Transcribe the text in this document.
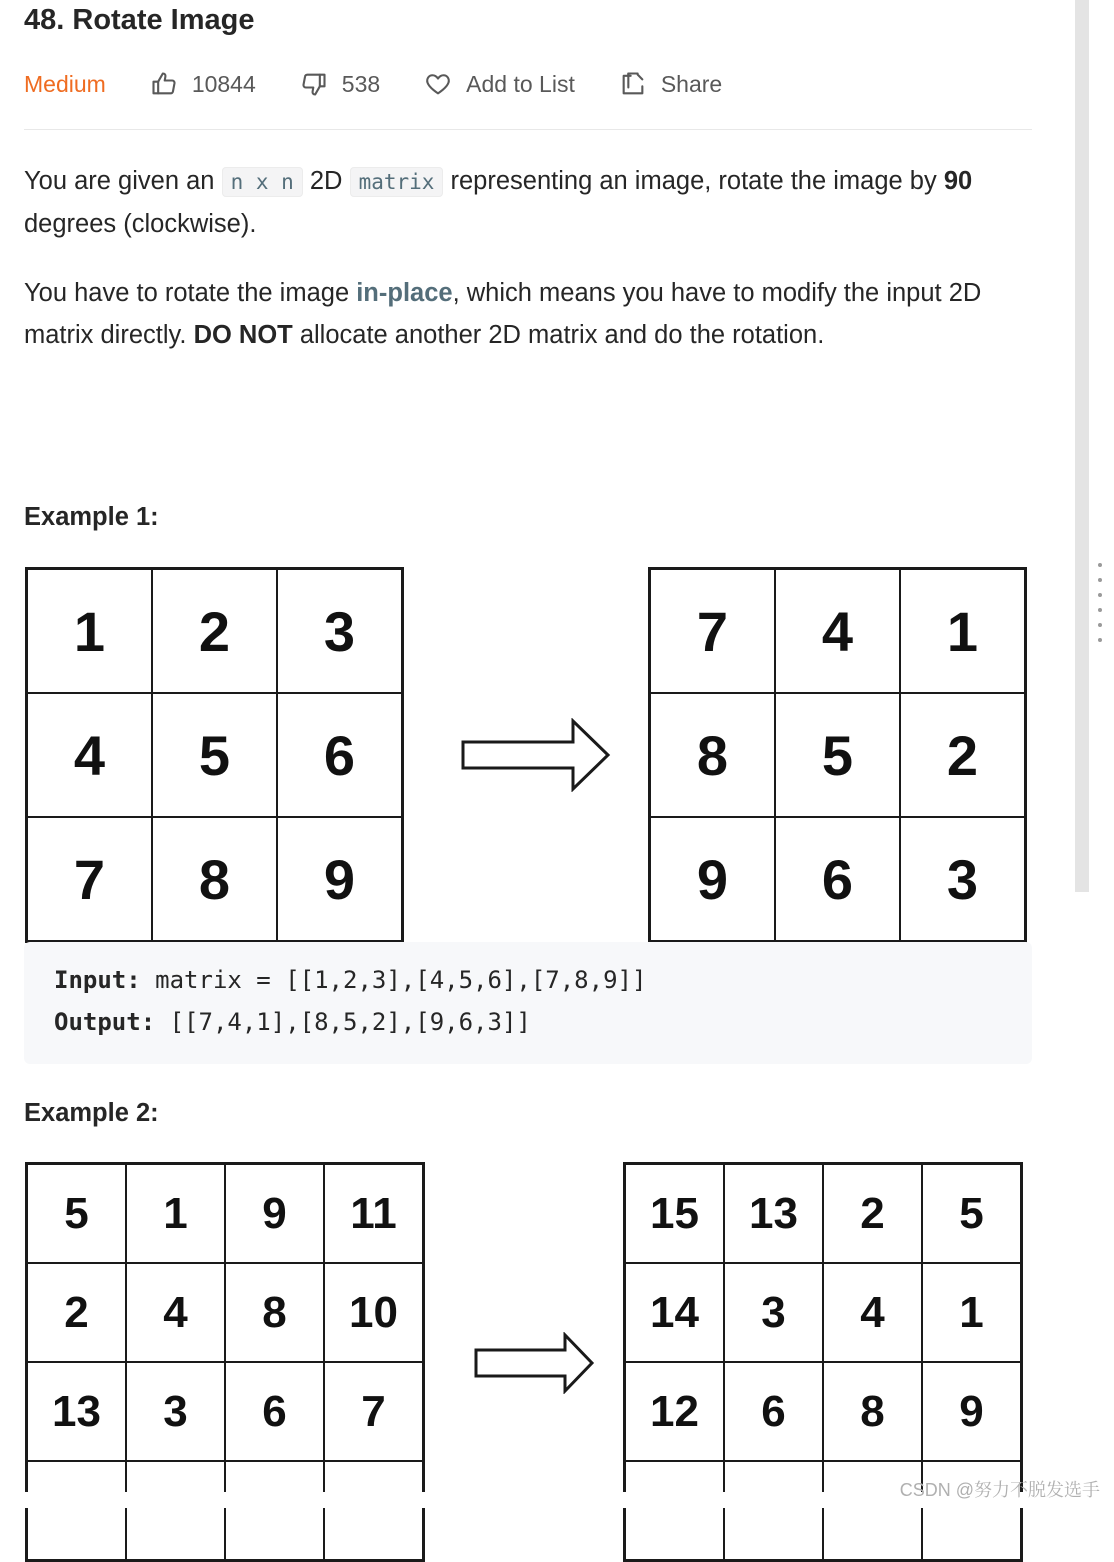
48. Rotate Image
Medium	10844	538	Add to List	Share
You are given an n x n 2D matrix representing an image, rotate the image by 90 degrees (clockwise).
You have to rotate the image in-place, which means you have to modify the input 2D matrix directly. DO NOT allocate another 2D matrix and do the rotation.
Example 1:
1	2	3
4	5	6
7	8	9
7	4	1
8	5	2
9	6	3
Input: matrix = [[1,2,3],[4,5,6],[7,8,9]]
Output: [[7,4,1],[8,5,2],[9,6,3]]
Example 2:
5	1	9	11
2	4	8	10
13	3	6	7

15	13	2	5
14	3	4	1
12	6	8	9

CSDN @努力不脱发选手
